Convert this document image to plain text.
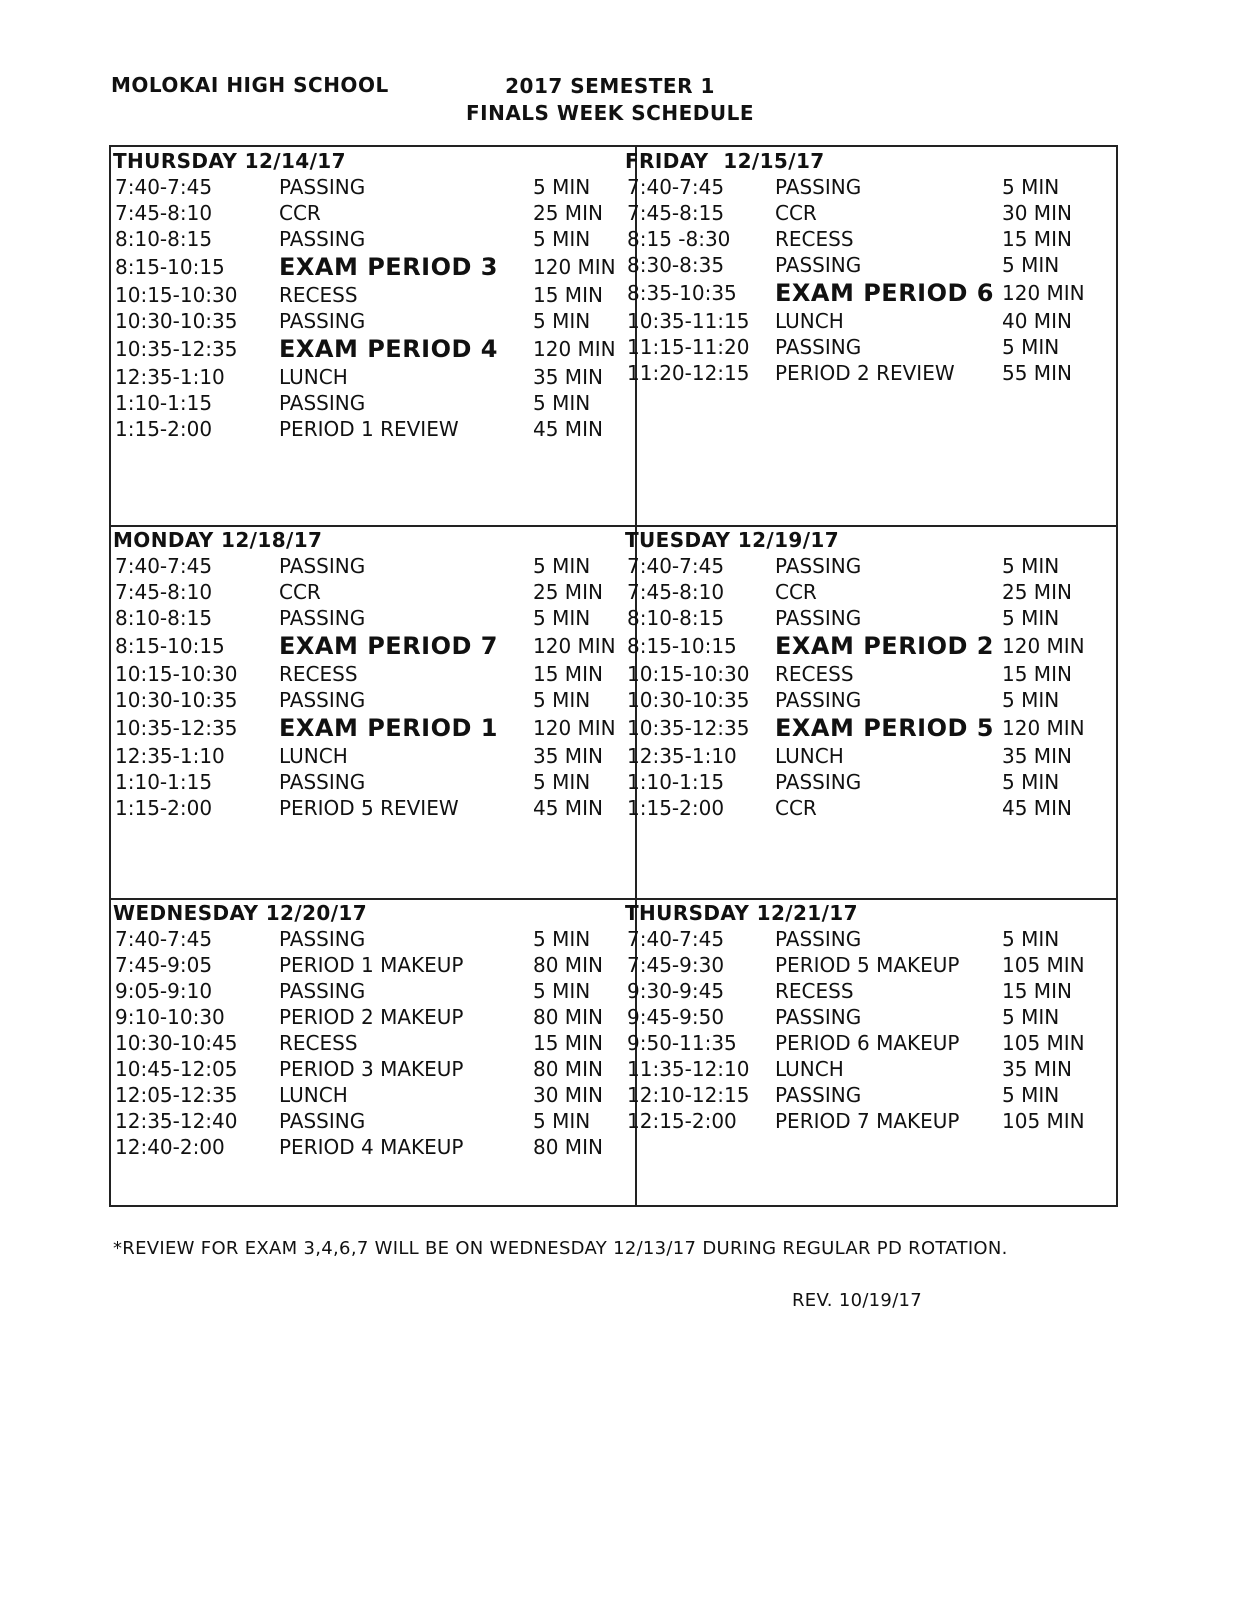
MOLOKAI HIGH SCHOOL	2017 SEMESTER 1
FINALS WEEK SCHEDULE
THURSDAY 12/14/17
7:40-7:45	PASSING	5 MIN
7:45-8:10	CCR	25 MIN
8:10-8:15	PASSING	5 MIN
8:15-10:15 EXAM PERIOD 3 120 MIN
10:15-10:30 RECESS	15 MIN
10:30-10:35 PASSING	5 MIN
10:35-12:35 EXAM PERIOD 4 120 MIN
12:35-1:10	LUNCH	35 MIN
1:10-1:15	PASSING	5 MIN
1:15-2:00	PERIOD 1 REVIEW	45 MIN
FRIDAY  12/15/17
7:40-7:45	PASSING	5 MIN
7:45-8:15	CCR	30 MIN
8:15 -8:30 RECESS	15 MIN
8:30-8:35	PASSING	5 MIN
8:35-10:35 EXAM PERIOD 6 120 MIN
10:35-11:15 LUNCH	40 MIN
11:15-11:20 PASSING	5 MIN
11:20-12:15 PERIOD 2 REVIEW 55 MIN
MONDAY 12/18/17
7:40-7:45	PASSING	5 MIN
7:45-8:10	CCR	25 MIN
8:10-8:15	PASSING	5 MIN
8:15-10:15 EXAM PERIOD 7 120 MIN
10:15-10:30 RECESS	15 MIN
10:30-10:35 PASSING	5 MIN
10:35-12:35 EXAM PERIOD 1 120 MIN
12:35-1:10	LUNCH	35 MIN
1:10-1:15	PASSING	5 MIN
1:15-2:00	PERIOD 5 REVIEW	45 MIN
TUESDAY 12/19/17
7:40-7:45	PASSING	5 MIN
7:45-8:10	CCR	25 MIN
8:10-8:15	PASSING	5 MIN
8:15-10:15 EXAM PERIOD 2 120 MIN
10:15-10:30 RECESS	15 MIN
10:30-10:35 PASSING	5 MIN
10:35-12:35 EXAM PERIOD 5 120 MIN
12:35-1:10 LUNCH	35 MIN
1:10-1:15	PASSING	5 MIN
1:15-2:00	CCR	45 MIN
WEDNESDAY 12/20/17
7:40-7:45	PASSING	5 MIN
7:45-9:05	PERIOD 1 MAKEUP	80 MIN
9:05-9:10	PASSING	5 MIN
9:10-10:30	PERIOD 2 MAKEUP	80 MIN
10:30-10:45 RECESS	15 MIN
10:45-12:05 PERIOD 3 MAKEUP	80 MIN
12:05-12:35 LUNCH	30 MIN
12:35-12:40 PASSING	5 MIN
12:40-2:00	PERIOD 4 MAKEUP	80 MIN
THURSDAY 12/21/17
7:40-7:45	PASSING	5 MIN
7:45-9:30	PERIOD 5 MAKEUP 105 MIN
9:30-9:45	RECESS	15 MIN
9:45-9:50	PASSING	5 MIN
9:50-11:35 PERIOD 6 MAKEUP 105 MIN
11:35-12:10 LUNCH	35 MIN
12:10-12:15 PASSING	5 MIN
12:15-2:00 PERIOD 7 MAKEUP 105 MIN
*REVIEW FOR EXAM 3,4,6,7 WILL BE ON WEDNESDAY 12/13/17 DURING REGULAR PD ROTATION.
REV. 10/19/17
